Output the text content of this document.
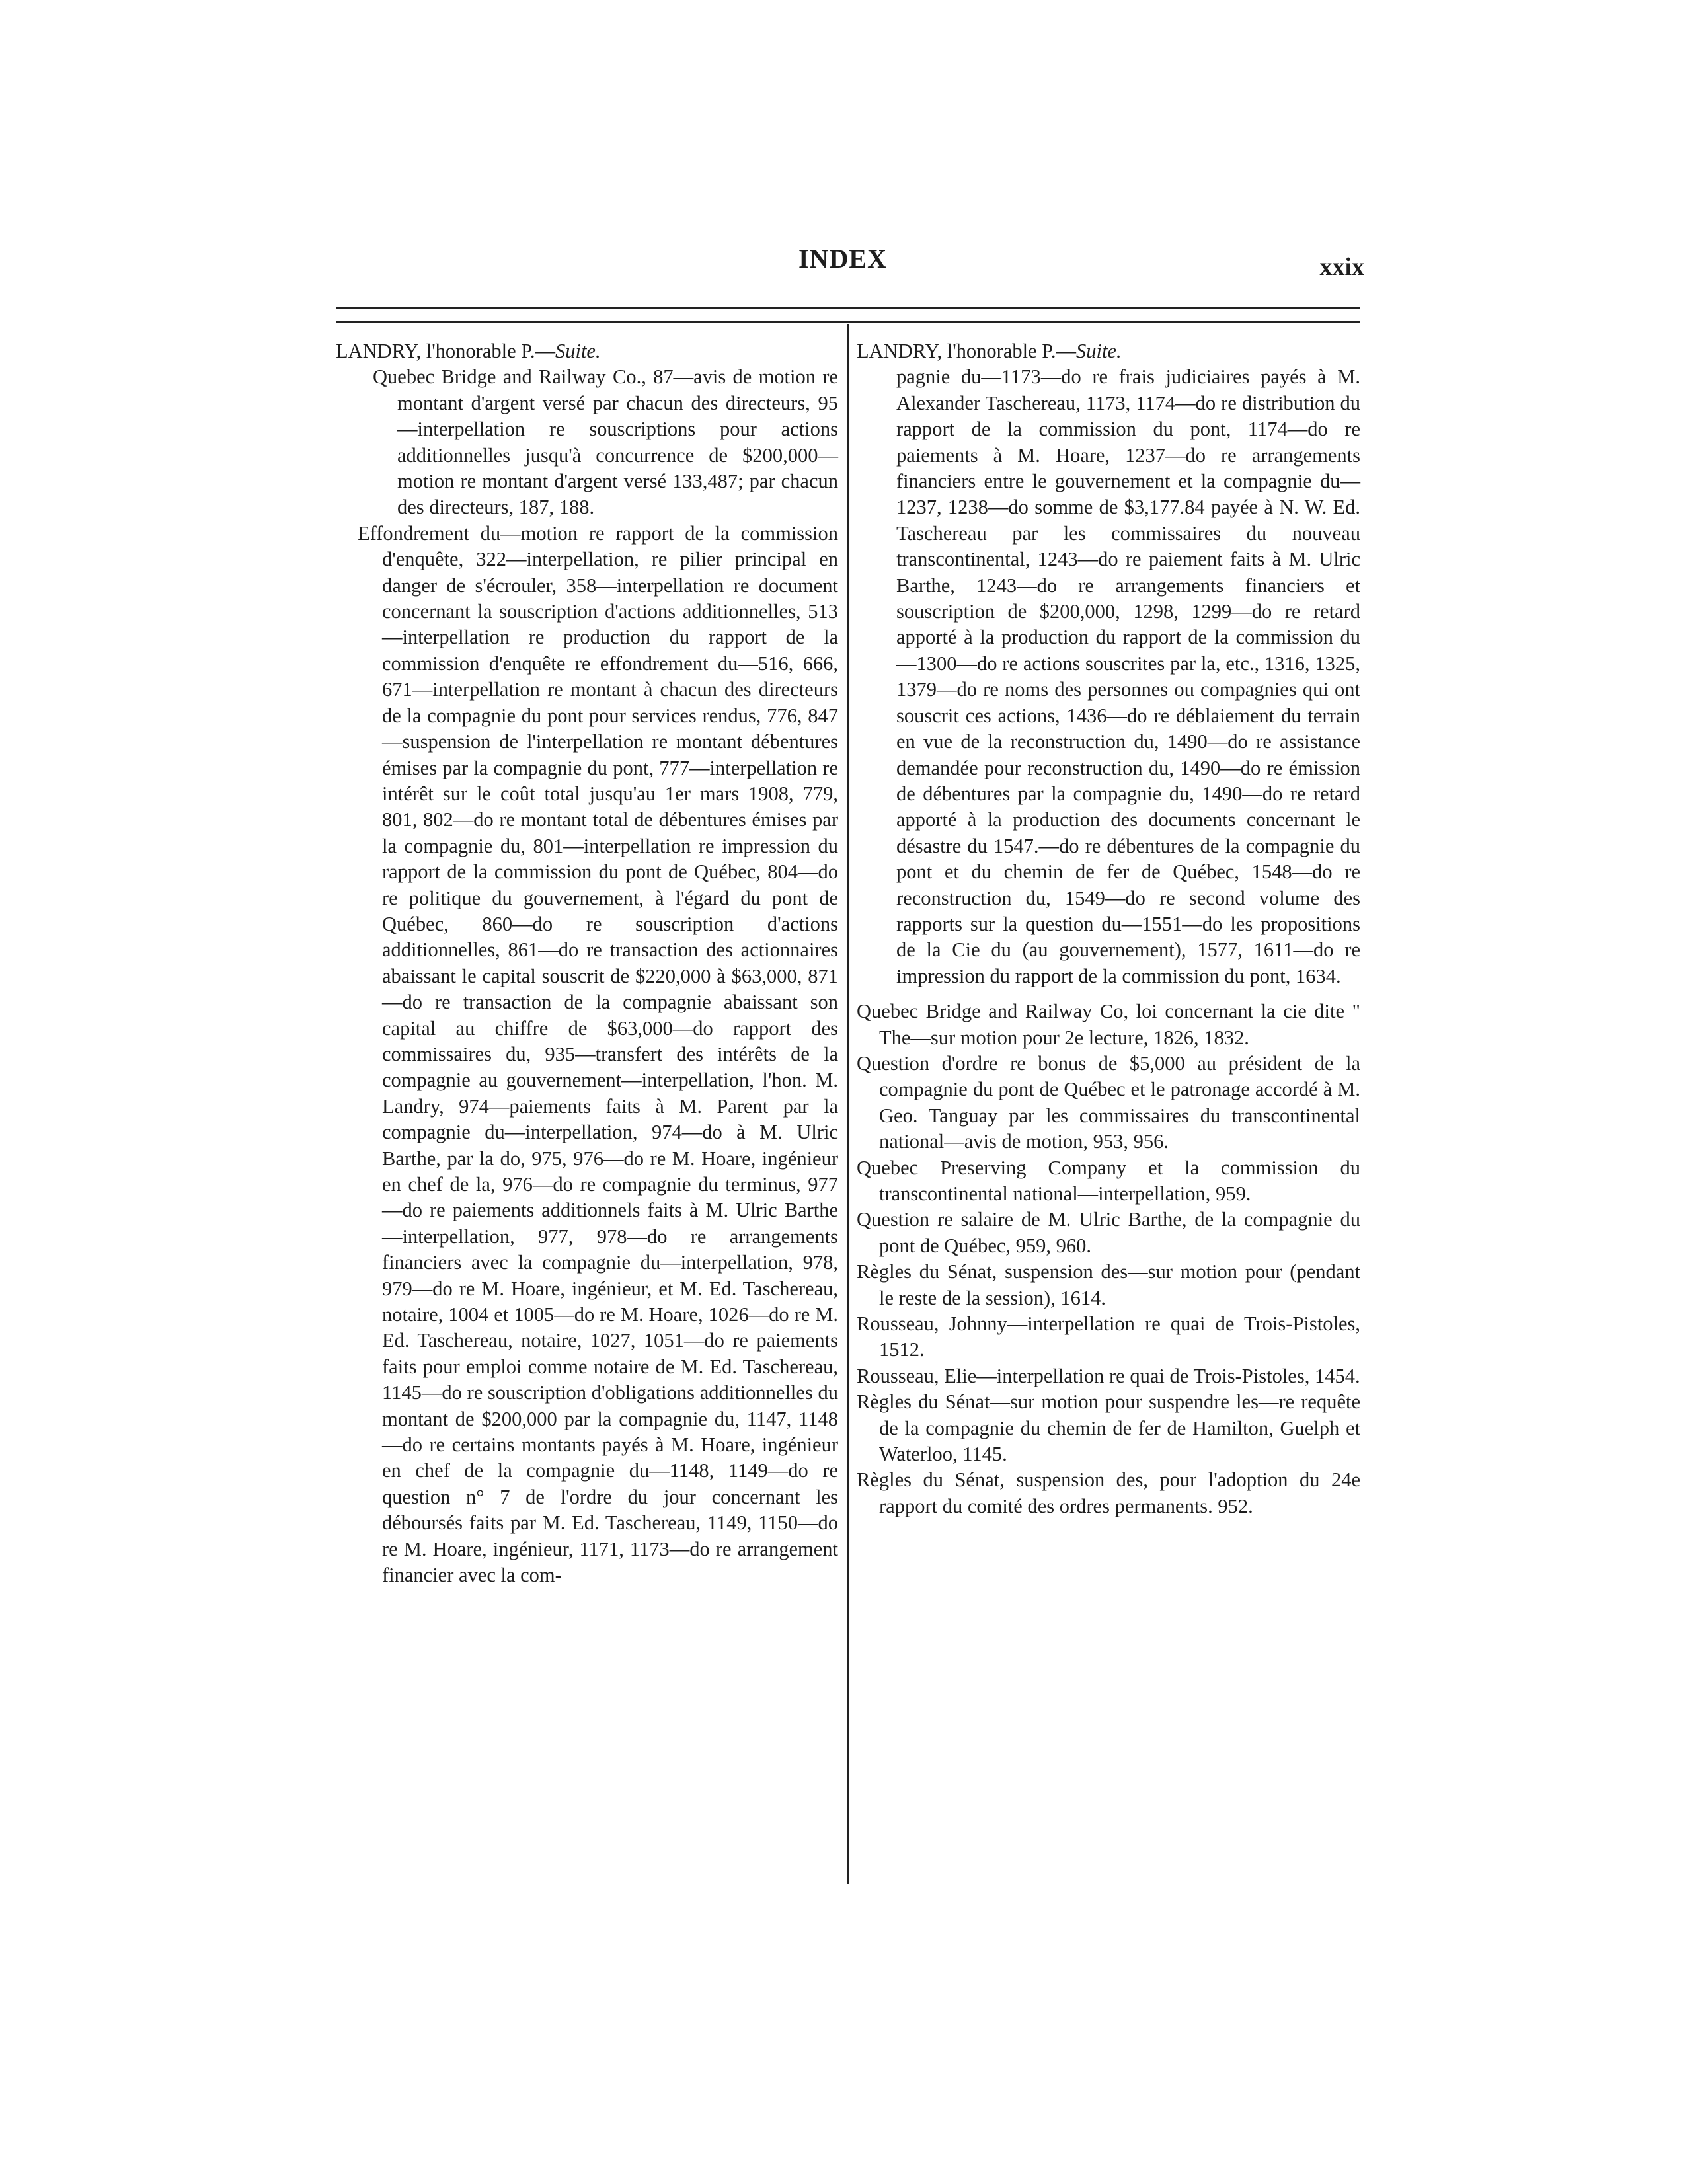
INDEX	xxix
LANDRY, l'honorable P.—Suite.
Quebec Bridge and Railway Co., 87—avis de motion re montant d'argent versé par chacun des directeurs, 95—interpellation re souscriptions pour actions additionnelles jusqu'à concurrence de $200,000—motion re montant d'argent versé 133,487; par chacun des directeurs, 187, 188.
Effondrement du—motion re rapport de la commission d'enquête, 322—interpellation, re pilier principal en danger de s'écrouler, 358—interpellation re document concernant la souscription d'actions additionnelles, 513—interpellation re production du rapport de la commission d'enquête re effondrement du—516, 666, 671—interpellation re montant à chacun des directeurs de la compagnie du pont pour services rendus, 776, 847—suspension de l'interpellation re montant débentures émises par la compagnie du pont, 777—interpellation re intérêt sur le coût total jusqu'au 1er mars 1908, 779, 801, 802—do re montant total de débentures émises par la compagnie du, 801—interpellation re impression du rapport de la commission du pont de Québec, 804—do re politique du gouvernement, à l'égard du pont de Québec, 860—do re souscription d'actions additionnelles, 861—do re transaction des actionnaires abaissant le capital souscrit de $220,000 à $63,000, 871—do re transaction de la compagnie abaissant son capital au chiffre de $63,000—do rapport des commissaires du, 935—transfert des intérêts de la compagnie au gouvernement—interpellation, l'hon. M. Landry, 974—paiements faits à M. Parent par la compagnie du—interpellation, 974—do à M. Ulric Barthe, par la do, 975, 976—do re M. Hoare, ingénieur en chef de la, 976—do re compagnie du terminus, 977—do re paiements additionnels faits à M. Ulric Barthe—interpellation, 977, 978—do re arrangements financiers avec la compagnie du—interpellation, 978, 979—do re M. Hoare, ingénieur, et M. Ed. Taschereau, notaire, 1004 et 1005—do re M. Hoare, 1026—do re M. Ed. Taschereau, notaire, 1027, 1051—do re paiements faits pour emploi comme notaire de M. Ed. Taschereau, 1145—do re souscription d'obligations additionnelles du montant de $200,000 par la compagnie du, 1147, 1148—do re certains montants payés à M. Hoare, ingénieur en chef de la compagnie du—1148, 1149—do re question n° 7 de l'ordre du jour concernant les déboursés faits par M. Ed. Taschereau, 1149, 1150—do re M. Hoare, ingénieur, 1171, 1173—do re arrangement financier avec la com-
LANDRY, l'honorable P.—Suite.
pagnie du—1173—do re frais judiciaires payés à M. Alexander Taschereau, 1173, 1174—do re distribution du rapport de la commission du pont, 1174—do re paiements à M. Hoare, 1237—do re arrangements financiers entre le gouvernement et la compagnie du—1237, 1238—do somme de $3,177.84 payée à N. W. Ed. Taschereau par les commissaires du nouveau transcontinental, 1243—do re paiement faits à M. Ulric Barthe, 1243—do re arrangements financiers et souscription de $200,000, 1298, 1299—do re retard apporté à la production du rapport de la commission du—1300—do re actions souscrites par la, etc., 1316, 1325, 1379—do re noms des personnes ou compagnies qui ont souscrit ces actions, 1436—do re déblaiement du terrain en vue de la reconstruction du, 1490—do re assistance demandée pour reconstruction du, 1490—do re émission de débentures par la compagnie du, 1490—do re retard apporté à la production des documents concernant le désastre du 1547.—do re débentures de la compagnie du pont et du chemin de fer de Québec, 1548—do re reconstruction du, 1549—do re second volume des rapports sur la question du—1551—do les propositions de la Cie du (au gouvernement), 1577, 1611—do re impression du rapport de la commission du pont, 1634.
Quebec Bridge and Railway Co, loi concernant la cie dite " The—sur motion pour 2e lecture, 1826, 1832.
Question d'ordre re bonus de $5,000 au président de la compagnie du pont de Québec et le patronage accordé à M. Geo. Tanguay par les commissaires du transcontinental national—avis de motion, 953, 956.
Quebec Preserving Company et la commission du transcontinental national—interpellation, 959.
Question re salaire de M. Ulric Barthe, de la compagnie du pont de Québec, 959, 960.
Règles du Sénat, suspension des—sur motion pour (pendant le reste de la session), 1614.
Rousseau, Johnny—interpellation re quai de Trois-Pistoles, 1512.
Rousseau, Elie—interpellation re quai de Trois-Pistoles, 1454.
Règles du Sénat—sur motion pour suspendre les—re requête de la compagnie du chemin de fer de Hamilton, Guelph et Waterloo, 1145.
Règles du Sénat, suspension des, pour l'adoption du 24e rapport du comité des ordres permanents. 952.
